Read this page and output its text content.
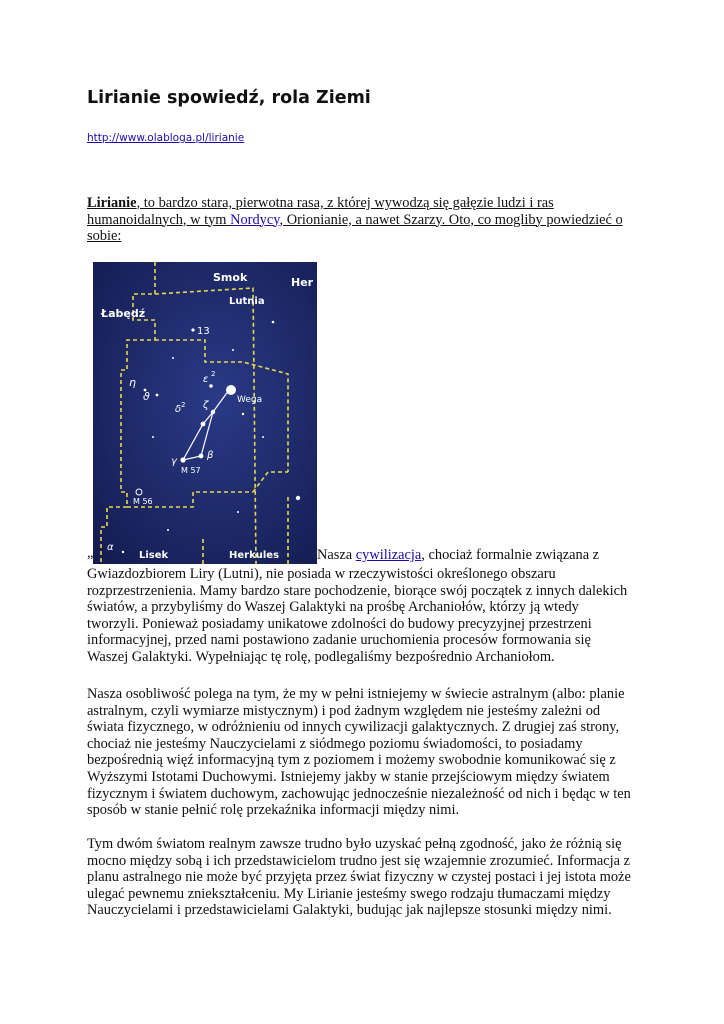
Lirianie spowiedź, rola Ziemi
http://www.olabloga.pl/lirianie
Lirianie, to bardzo stara, pierwotna rasa, z której wywodzą się gałęzie ludzi i ras humanoidalnych, w tym Nordycy, Orionianie, a nawet Szarzy. Oto, co mogliby powiedzieć o sobie:
„
Smok	Her
Lutnia
Łabędź
13
ε 2
η
ϑ
δ 2 ζ	Wega
γ
β
M 57
M 56
α
Lisek	Herkules	Nasza cywilizacja, chociaż formalnie związana z
Gwiazdozbiorem Liry (Lutni), nie posiada w rzeczywistości określonego obszaru
rozprzestrzenienia. Mamy bardzo stare pochodzenie, biorące swój początek z innych dalekich
światów, a przybyliśmy do Waszej Galaktyki na prośbę Archaniołów, którzy ją wtedy
tworzyli. Ponieważ posiadamy unikatowe zdolności do budowy precyzyjnej przestrzeni
informacyjnej, przed nami postawiono zadanie uruchomienia procesów formowania się
Waszej Galaktyki. Wypełniając tę rolę, podlegaliśmy bezpośrednio Archaniołom.
Nasza osobliwość polega na tym, że my w pełni istniejemy w świecie astralnym (albo: planie
astralnym, czyli wymiarze mistycznym) i pod żadnym względem nie jesteśmy zależni od
świata fizycznego, w odróżnieniu od innych cywilizacji galaktycznych. Z drugiej zaś strony,
chociaż nie jesteśmy Nauczycielami z siódmego poziomu świadomości, to posiadamy
bezpośrednią więź informacyjną tym z poziomem i możemy swobodnie komunikować się z
Wyższymi Istotami Duchowymi. Istniejemy jakby w stanie przejściowym między światem
fizycznym i światem duchowym, zachowując jednocześnie niezależność od nich i będąc w ten
sposób w stanie pełnić rolę przekaźnika informacji między nimi.
Tym dwóm światom realnym zawsze trudno było uzyskać pełną zgodność, jako że różnią się
mocno między sobą i ich przedstawicielom trudno jest się wzajemnie zrozumieć. Informacja z
planu astralnego nie może być przyjęta przez świat fizyczny w czystej postaci i jej istota może
ulegać pewnemu zniekształceniu. My Lirianie jesteśmy swego rodzaju tłumaczami między
Nauczycielami i przedstawicielami Galaktyki, budując jak najlepsze stosunki między nimi.
